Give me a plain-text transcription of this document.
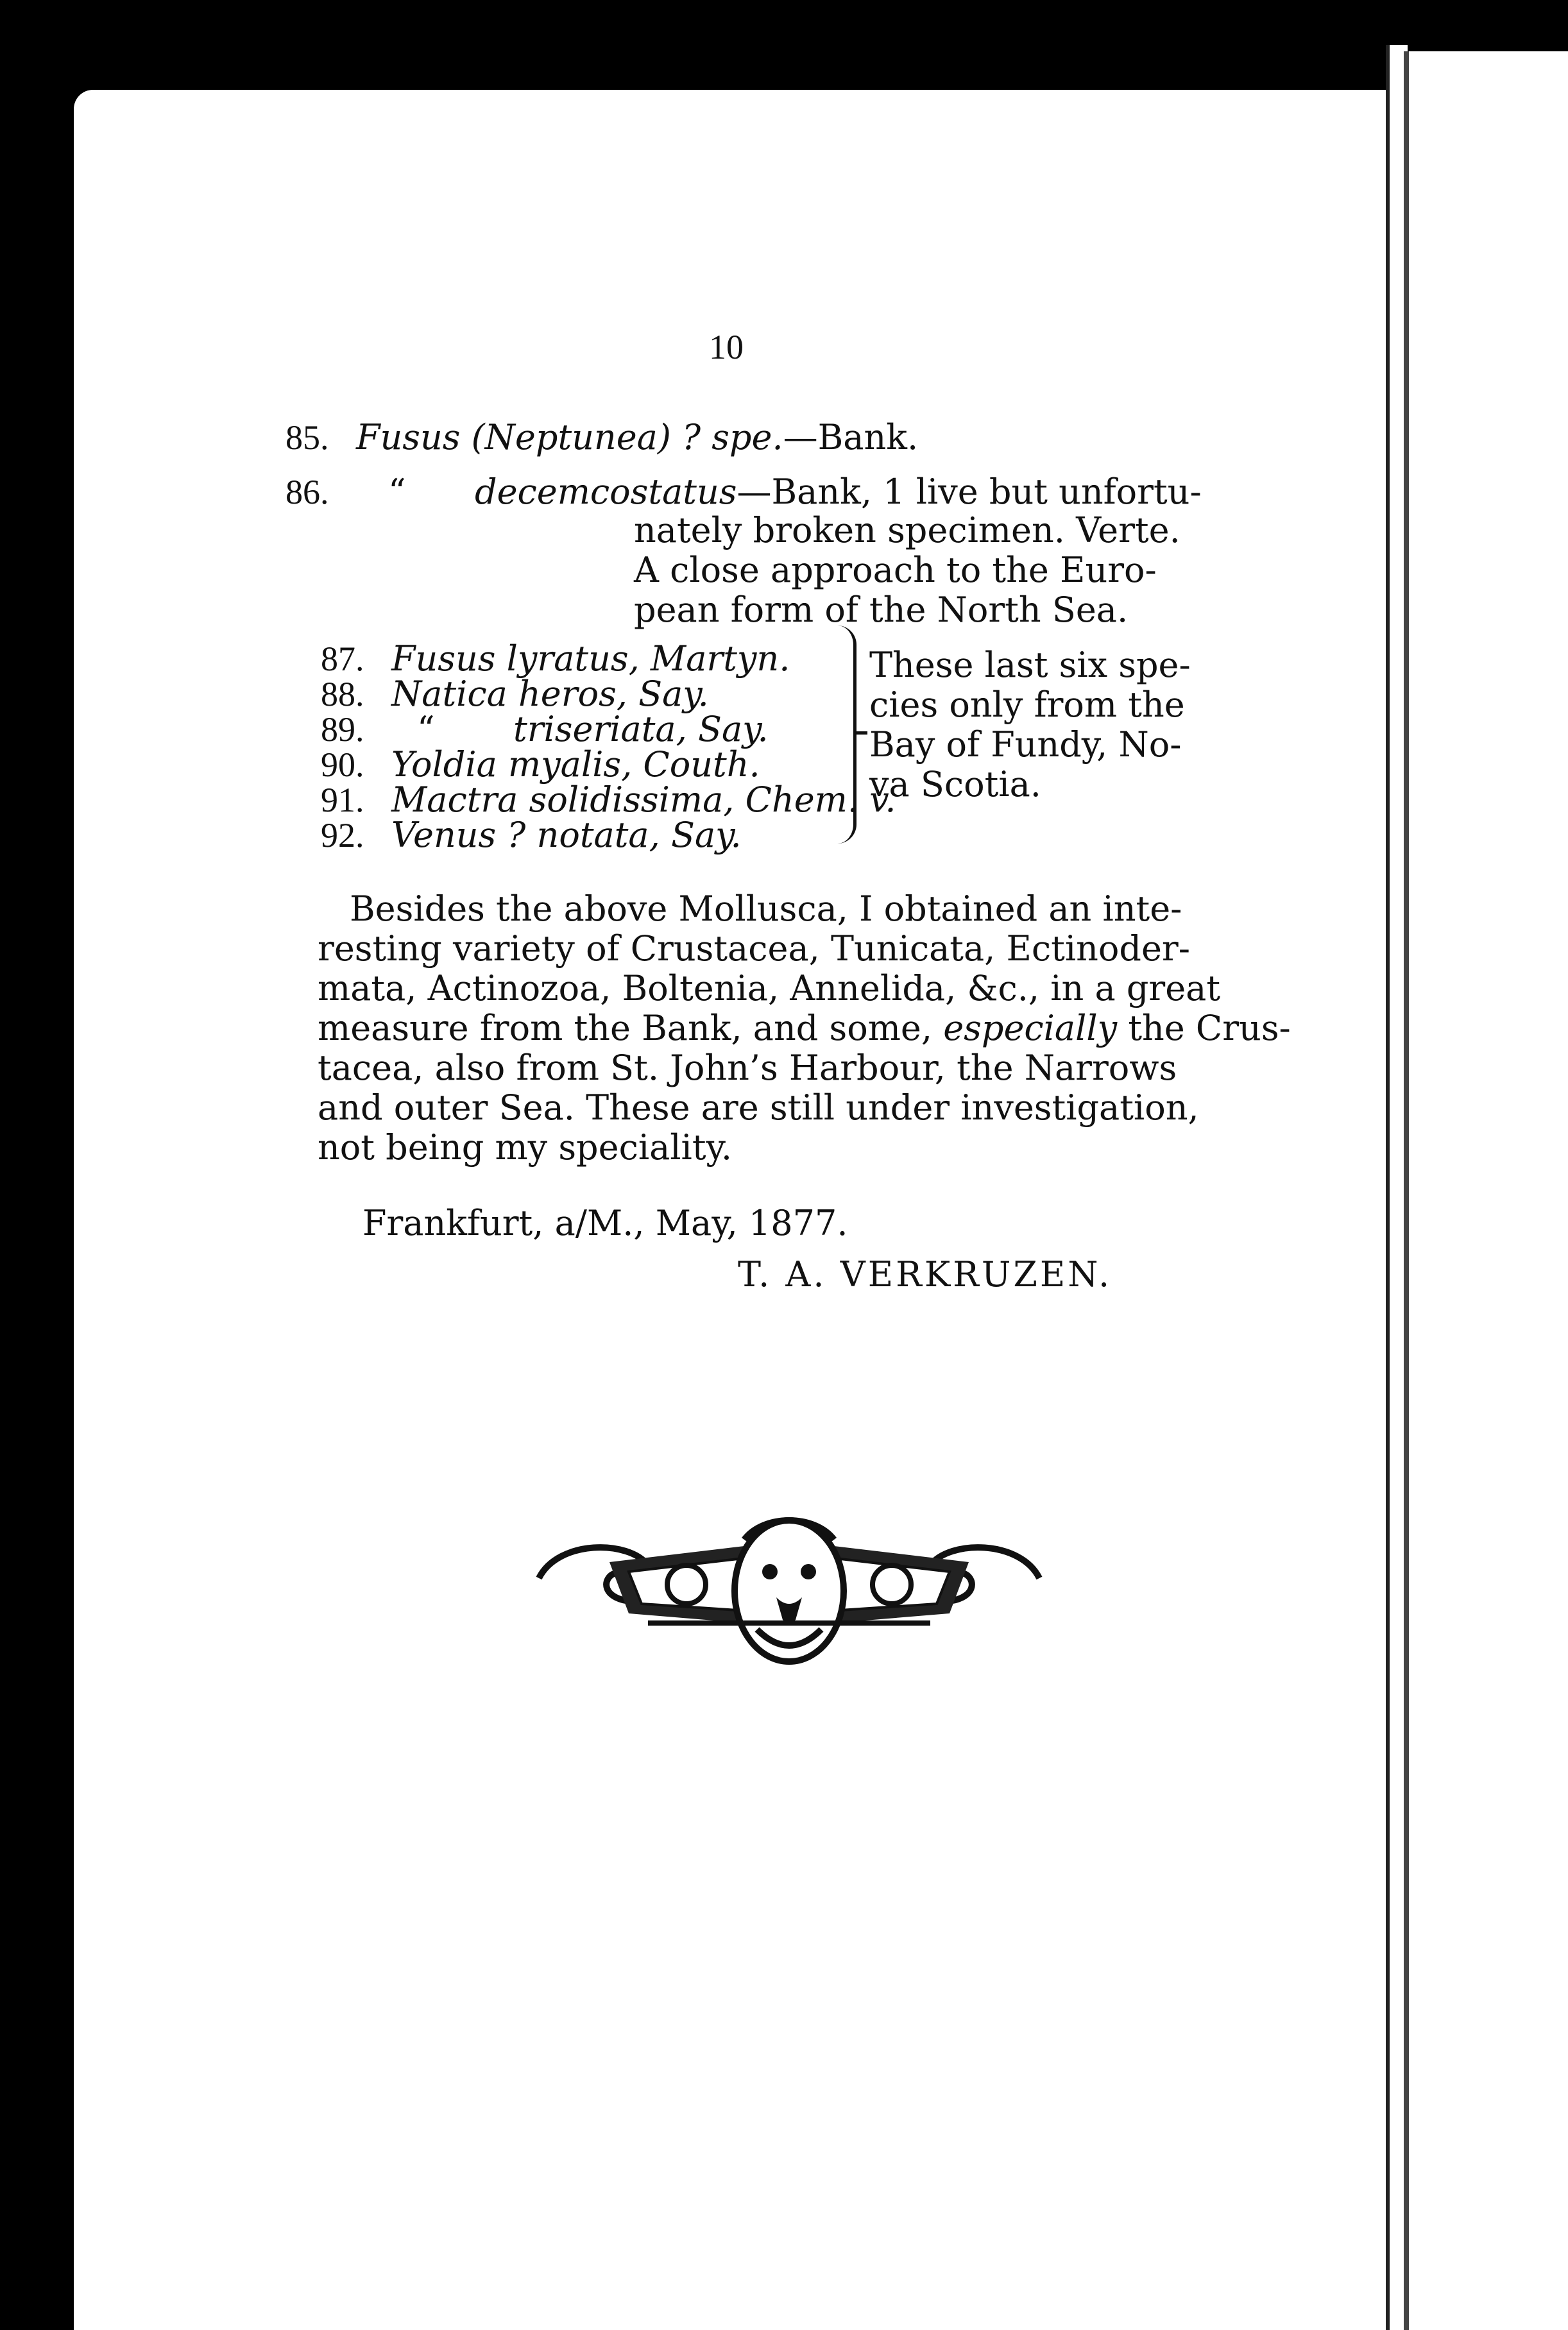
10
85. Fusus (Neptunea) ? spe.—Bank.
86. “ decemcostatus—Bank, 1 live but unfortu-
nately broken specimen. Verte.
A close approach to the Euro-
pean form of the North Sea.
87. Fusus lyratus, Martyn.
88. Natica heros, Say.
89. “ triseriata, Say.
90. Yoldia myalis, Couth.
91. Mactra solidissima, Chem. v.
92. Venus ? notata, Say.
These last six spe-
cies only from the
Bay of Fundy, No-
va Scotia.
Besides the above Mollusca, I obtained an inte-
resting variety of Crustacea, Tunicata, Ectinoder-
mata, Actinozoa, Boltenia, Annelida, &c., in a great
measure from the Bank, and some, especially the Crus-
tacea, also from St. John’s Harbour, the Narrows
and outer Sea. These are still under investigation,
not being my speciality.
Frankfurt, a/M., May, 1877.
T. A. VERKRUZEN.
